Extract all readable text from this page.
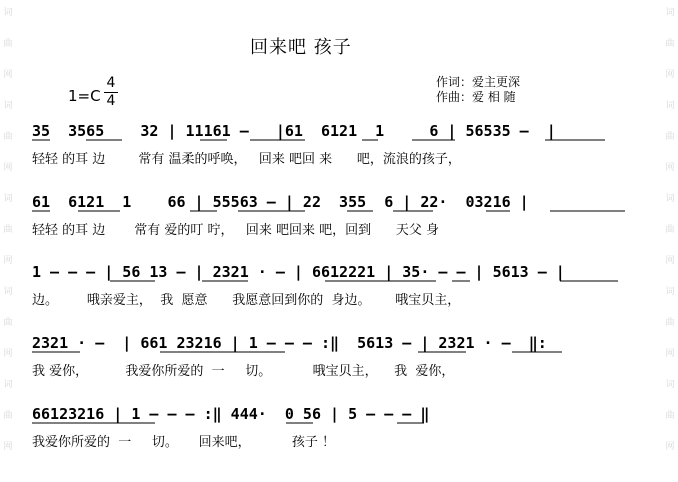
词
曲
网
词
曲
网
词
曲
网
词
曲
网
词
曲
网
词
曲
网
词
曲
网
词
曲
网
词
曲
网
词
曲
网
回来吧 孩子
1=C
4
4
作词：爱主更深
作曲：爱 相 随
35  3565    32 | 11161 –   |61  6121  1     6 | 56535 –  |
轻轻 的耳 边        常有 温柔的呼唤，   回来 吧回 来      吧，流浪的孩子，
61  6121  1    66 | 55563 – | 22  355  6 | 22·  03216 |
轻轻 的耳 边       常有 爱的叮 咛，   回来 吧回来 吧，回到      天父 身
1 – – – | 56 13 – | 2321 · – | 6612221 | 35· – – | 5613 – |
边。       哦亲爱主，  我  愿意      我愿意回到你的  身边。      哦宝贝主，
2321 · –  | 661 23216 | 1 – – – :‖  5613 – | 2321 · –  ‖:
我 爱你，         我爱你所爱的  一     切。          哦宝贝主，    我  爱你，
66123216 | 1 – – – :‖ 444·  0 56 | 5 – – – ‖
我爱你所爱的  一     切。     回来吧，          孩子 ！
